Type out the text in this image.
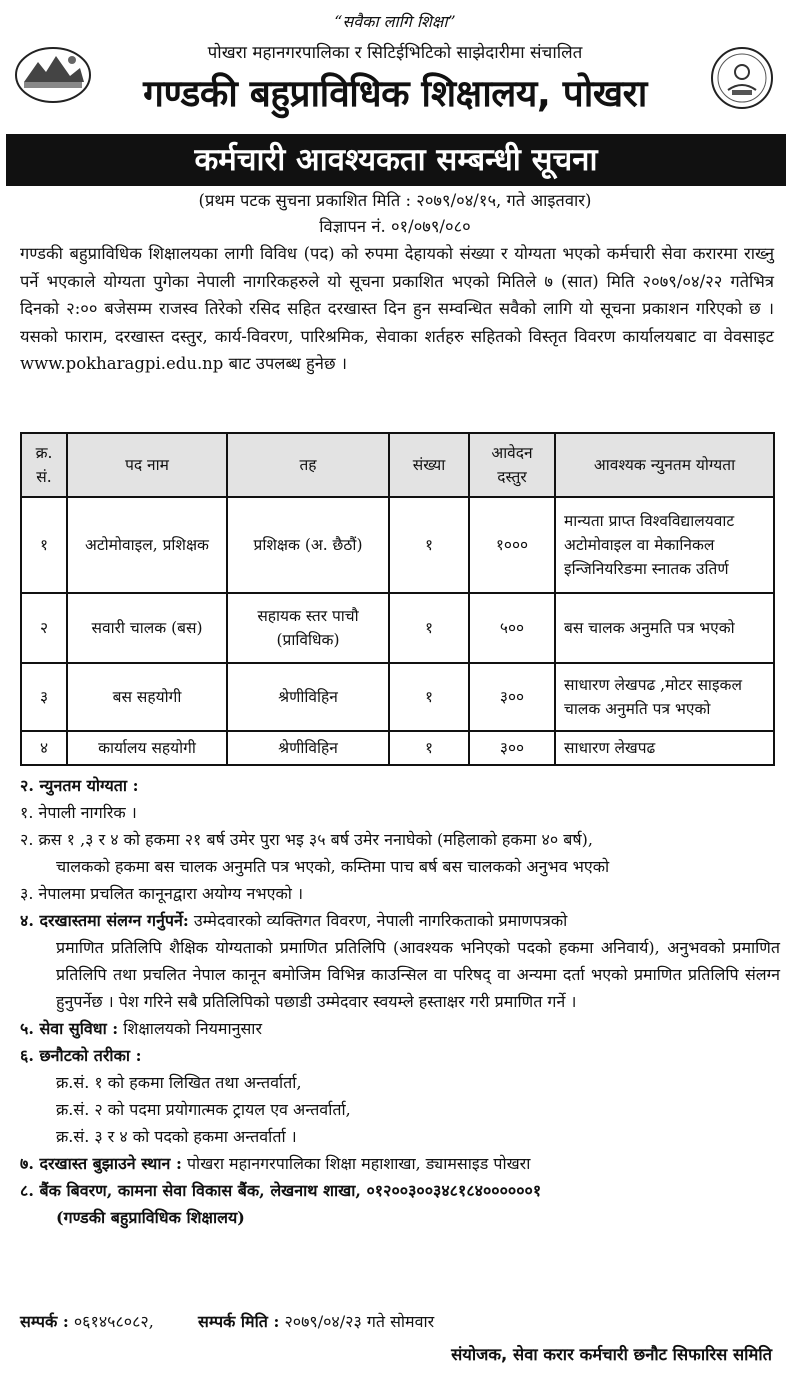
“सवैका लागि शिक्षा”
पोखरा महानगरपालिका र सिटिईभिटिको साझेदारीमा संचालित
गण्डकी बहुप्राविधिक शिक्षालय, पोखरा
कर्मचारी आवश्यकता सम्बन्धी सूचना
(प्रथम पटक सुचना प्रकाशित मिति : २०७९/०४/१५, गते आइतवार)
विज्ञापन नं. ०१/०७९/०८०
गण्डकी बहुप्राविधिक शिक्षालयका लागी विविध (पद) को रुपमा देहायको संख्या र योग्यता भएको कर्मचारी सेवा करारमा राख्नु पर्ने भएकाले योग्यता पुगेका नेपाली नागरिकहरुले यो सूचना प्रकाशित भएको मितिले ७ (सात) मिति २०७९/०४/२२ गतेभित्र दिनको २:०० बजेसम्म राजस्व तिरेको रसिद सहित दरखास्त दिन हुन सम्वन्धित सवैको लागि यो सूचना प्रकाशन गरिएको छ । यसको फाराम, दरखास्त दस्तुर, कार्य-विवरण, पारिश्रमिक, सेवाका शर्तहरु सहितको विस्तृत विवरण कार्यालयबाट वा वेवसाइट www.pokharagpi.edu.np बाट उपलब्ध हुनेछ ।
क्र. सं.	पद नाम	तह	संख्या	आवेदन दस्तुर	आवश्यक न्युनतम योग्यता
१	अटोमोवाइल, प्रशिक्षक	प्रशिक्षक (अ. छैठौं)	१	१०००	मान्यता प्राप्त विश्वविद्यालयवाट अटोमोवाइल वा मेकानिकल इन्जिनियरिङमा स्नातक उतिर्ण
२	सवारी चालक (बस)	सहायक स्तर पाचौ (प्राविधिक)	१	५००	बस चालक अनुमति पत्र भएको
३	बस सहयोगी	श्रेणीविहिन	१	३००	साधारण लेखपढ ,मोटर साइकल चालक अनुमति पत्र भएको
४	कार्यालय सहयोगी	श्रेणीविहिन	१	३००	साधारण लेखपढ
२. न्युनतम योग्यता :
१. नेपाली नागरिक ।
२. क्रस १ ,३ र ४ को हकमा २१ बर्ष उमेर पुरा भइ ३५ बर्ष उमेर ननाघेको (महिलाको हकमा ४० बर्ष),
चालकको हकमा बस चालक अनुमति पत्र भएको, कम्तिमा पाच बर्ष बस चालकको अनुभव भएको
३. नेपालमा प्रचलित कानूनद्वारा अयोग्य नभएको ।
४. दरखास्तमा संलग्न गर्नुपर्ने: उम्मेदवारको व्यक्तिगत विवरण, नेपाली नागरिकताको प्रमाणपत्रको
प्रमाणित प्रतिलिपि शैक्षिक योग्यताको प्रमाणित प्रतिलिपि (आवश्यक भनिएको पदको हकमा अनिवार्य), अनुभवको प्रमाणित प्रतिलिपि तथा प्रचलित नेपाल कानून बमोजिम विभिन्न काउन्सिल वा परिषद् वा अन्यमा दर्ता भएको प्रमाणित प्रतिलिपि संलग्न हुनुपर्नेछ । पेश गरिने सबै प्रतिलिपिको पछाडी उम्मेदवार स्वयम्ले हस्ताक्षर गरी प्रमाणित गर्ने ।
५. सेवा सुविधा : शिक्षालयको नियमानुसार
६. छनौटको तरीका :
क्र.सं. १ को हकमा लिखित तथा अन्तर्वार्ता,
क्र.सं. २ को पदमा प्रयोगात्मक ट्रायल एव अन्तर्वार्ता,
क्र.सं. ३ र ४ को पदको हकमा अन्तर्वार्ता ।
७. दरखास्त बुझाउने स्थान : पोखरा महानगरपालिका शिक्षा महाशाखा, ड्यामसाइड पोखरा
८. बैंक बिवरण, कामना सेवा विकास बैंक, लेखनाथ शाखा, ०१२००३००३४८१८४००००००१
(गण्डकी बहुप्राविधिक शिक्षालय)
सम्पर्क : ०६१४५८०८२,	सम्पर्क मिति : २०७९/०४/२३ गते सोमवार
संयोजक, सेवा करार कर्मचारी छनौट सिफारिस समिति
